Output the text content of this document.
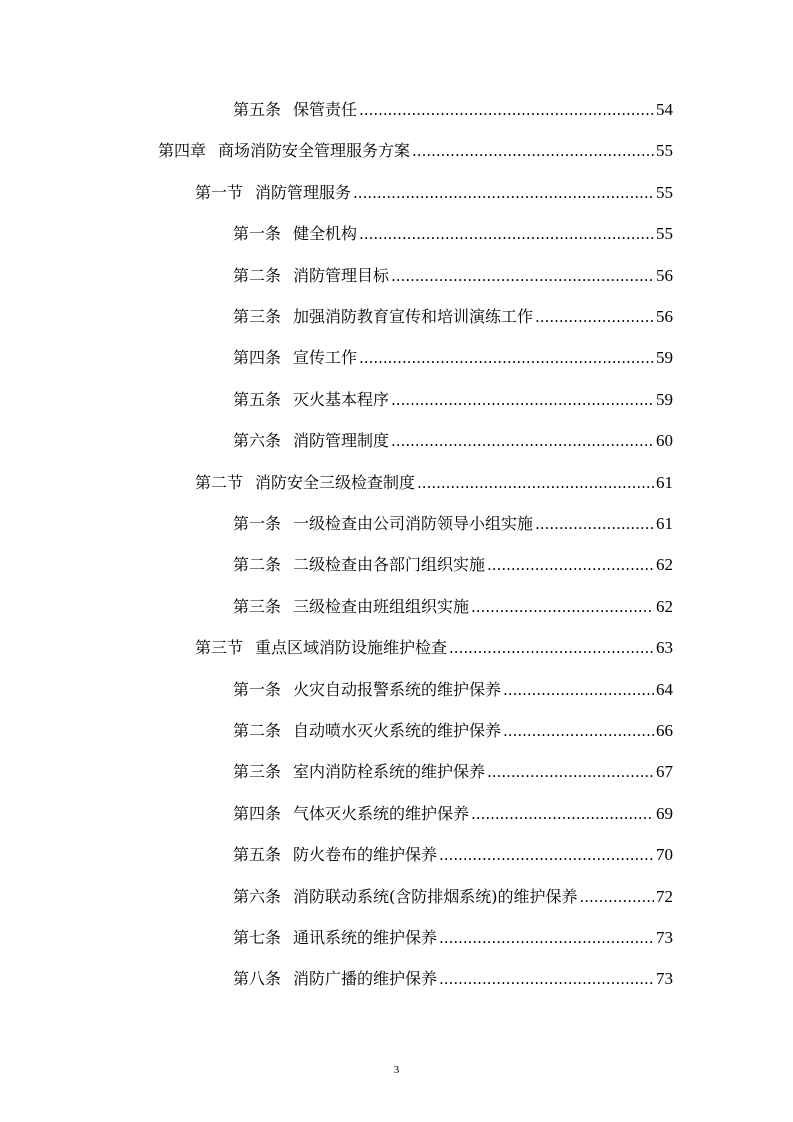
第五条 保管责任 .....	54
第四章 商场消防安全管理服务方案 .....	55
第一节 消防管理服务 .....	55
第一条 健全机构 .....	55
第二条 消防管理目标 .....	56
第三条 加强消防教育宣传和培训演练工作 .....	56
第四条 宣传工作 .....	59
第五条 灭火基本程序 .....	59
第六条 消防管理制度 .....	60
第二节 消防安全三级检查制度 .....	61
第一条 一级检查由公司消防领导小组实施 .....	61
第二条 二级检查由各部门组织实施 .....	62
第三条 三级检查由班组组织实施 .....	62
第三节 重点区域消防设施维护检查 .....	63
第一条 火灾自动报警系统的维护保养 .....	64
第二条 自动喷水灭火系统的维护保养 .....	66
第三条 室内消防栓系统的维护保养 .....	67
第四条 气体灭火系统的维护保养 .....	69
第五条 防火卷布的维护保养 .....	70
第六条 消防联动系统(含防排烟系统)的维护保养 .....	72
第七条 通讯系统的维护保养 .....	73
第八条 消防广播的维护保养 .....	73
3
